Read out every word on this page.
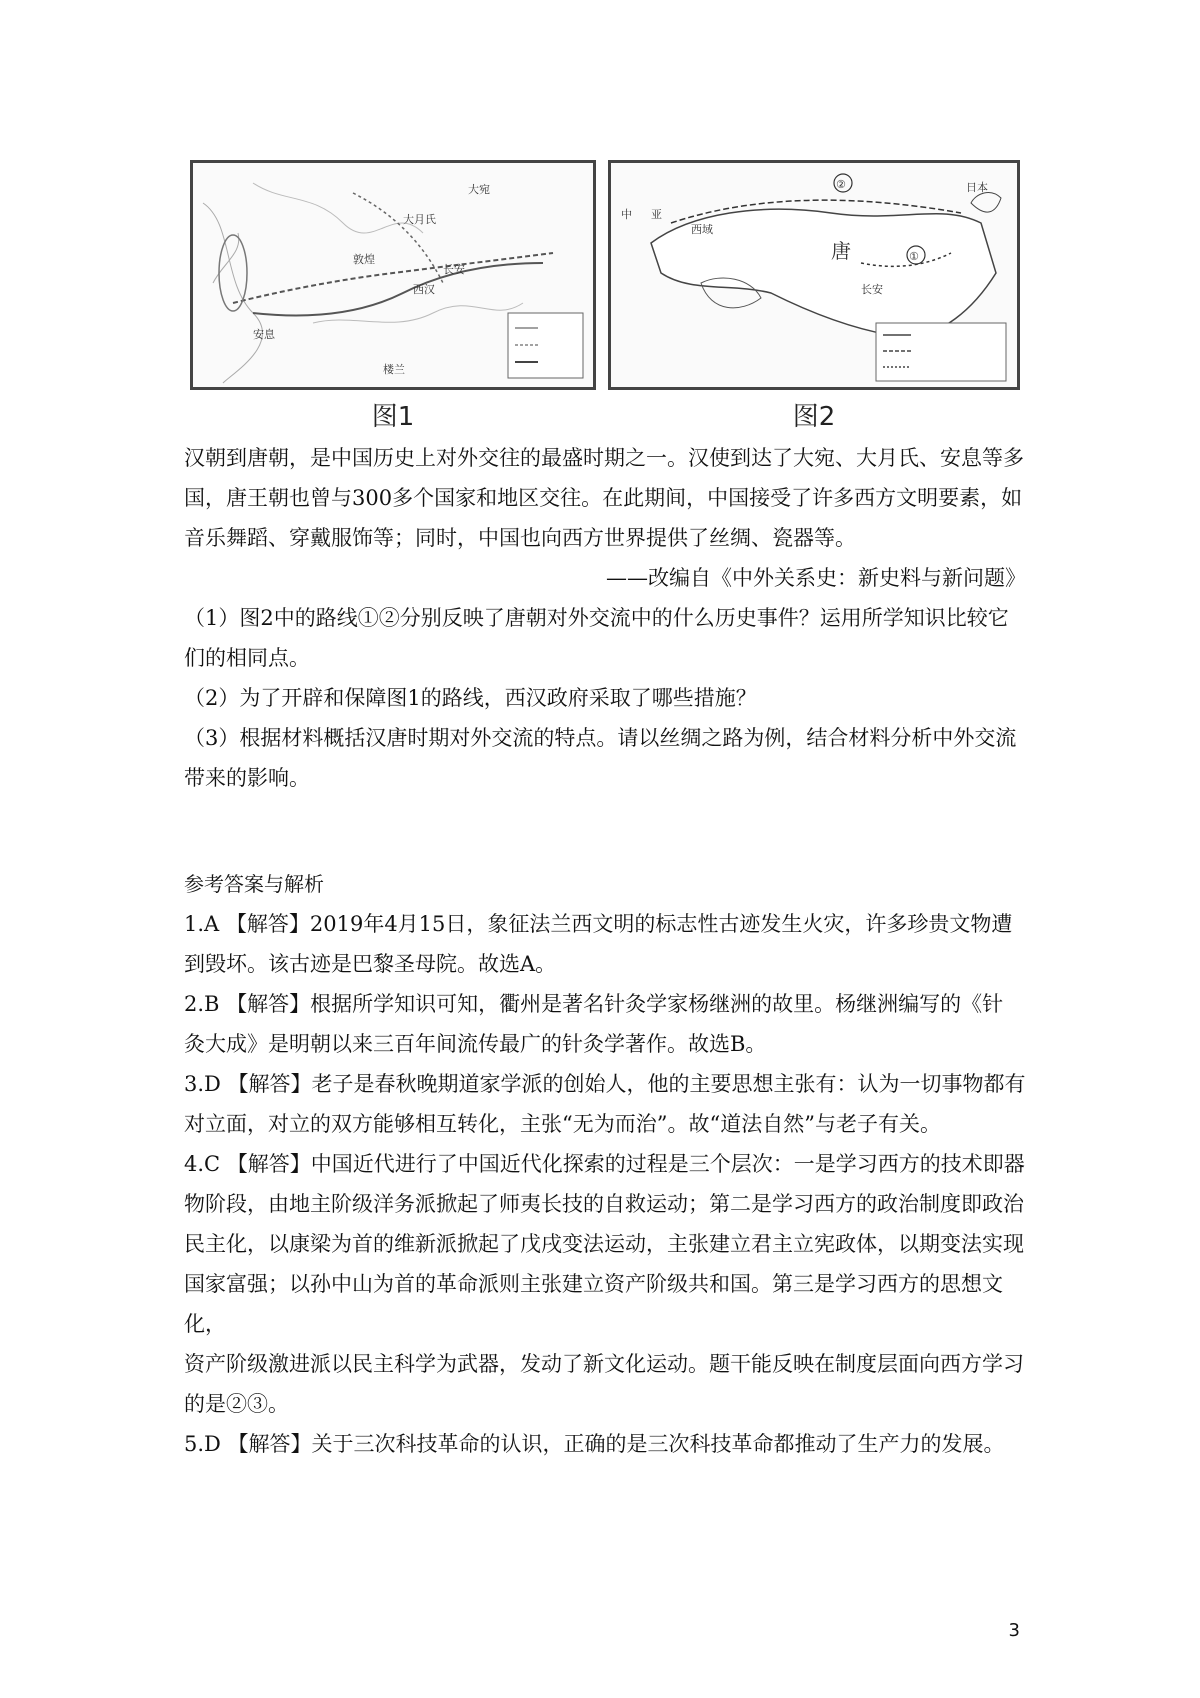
大宛
大月氏
安息
西汉
长安
敦煌
楼兰
图1
②
①
唐
中 亚
西域
长安
日本
图2

汉朝到唐朝，是中国历史上对外交往的最盛时期之一。汉使到达了大宛、大月氏、安息等多

国，唐王朝也曾与300多个国家和地区交往。在此期间，中国接受了许多西方文明要素，如

音乐舞蹈、穿戴服饰等；同时，中国也向西方世界提供了丝绸、瓷器等。

——改编自《中外关系史：新史料与新问题》

（1）图2中的路线①②分别反映了唐朝对外交流中的什么历史事件？运用所学知识比较它

们的相同点。

（2）为了开辟和保障图1的路线，西汉政府采取了哪些措施？

（3）根据材料概括汉唐时期对外交流的特点。请以丝绸之路为例，结合材料分析中外交流

带来的影响。

参考答案与解析

1.A 【解答】2019年4月15日，象征法兰西文明的标志性古迹发生火灾，许多珍贵文物遭

到毁坏。该古迹是巴黎圣母院。故选A。

2.B 【解答】根据所学知识可知，衢州是著名针灸学家杨继洲的故里。杨继洲编写的《针

灸大成》是明朝以来三百年间流传最广的针灸学著作。故选B。

3.D 【解答】老子是春秋晚期道家学派的创始人，他的主要思想主张有：认为一切事物都有

对立面，对立的双方能够相互转化，主张“无为而治”。故“道法自然”与老子有关。

4.C 【解答】中国近代进行了中国近代化探索的过程是三个层次：一是学习西方的技术即器

物阶段，由地主阶级洋务派掀起了师夷长技的自救运动；第二是学习西方的政治制度即政治

民主化，以康梁为首的维新派掀起了戊戌变法运动，主张建立君主立宪政体，以期变法实现

国家富强；以孙中山为首的革命派则主张建立资产阶级共和国。第三是学习西方的思想文化，

资产阶级激进派以民主科学为武器，发动了新文化运动。题干能反映在制度层面向西方学习

的是②③。

5.D 【解答】关于三次科技革命的认识，正确的是三次科技革命都推动了生产力的发展。

3
